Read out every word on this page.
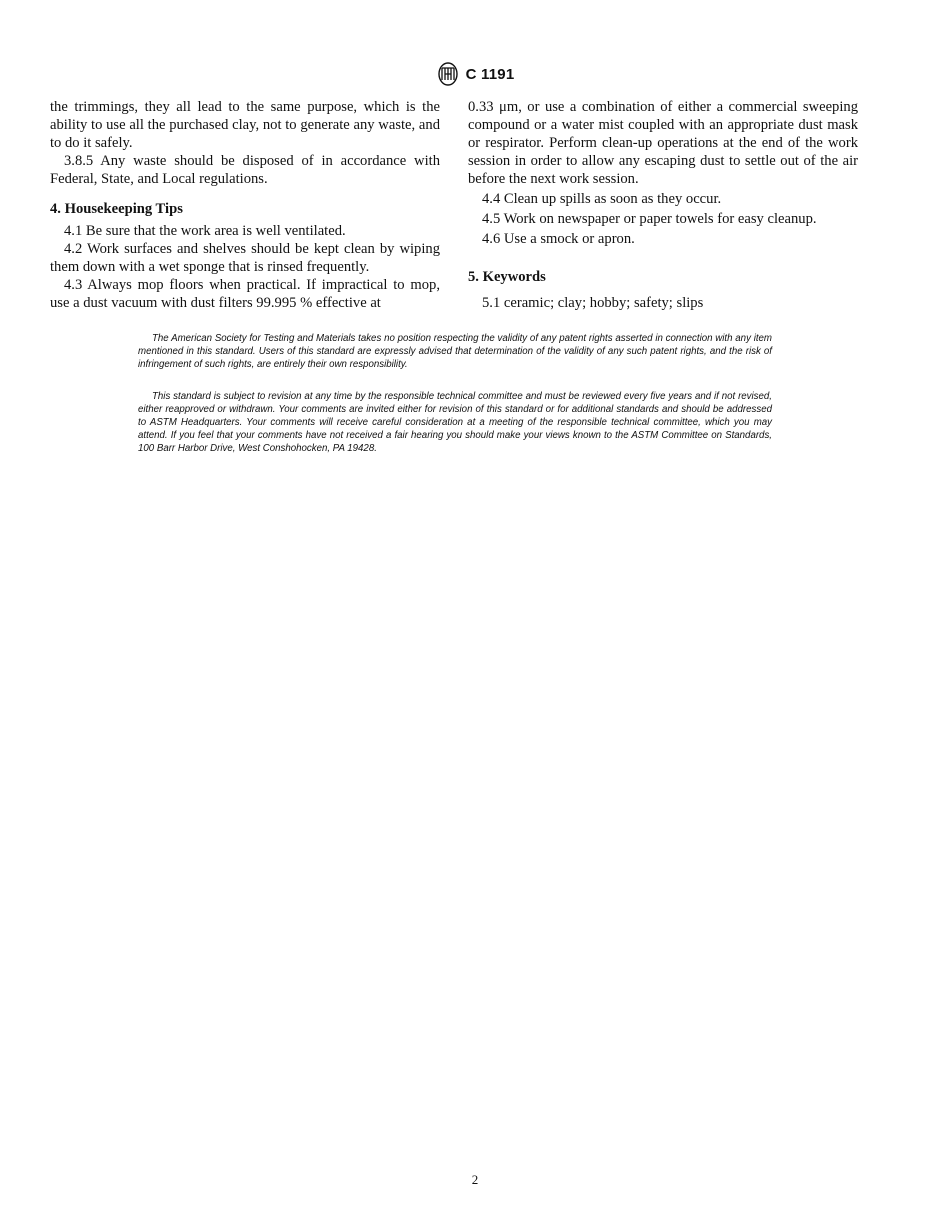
C 1191

the trimmings, they all lead to the same purpose, which is the ability to use all the purchased clay, not to generate any waste, and to do it safely.

3.8.5 Any waste should be disposed of in accordance with Federal, State, and Local regulations.

4. Housekeeping Tips

4.1 Be sure that the work area is well ventilated.

4.2 Work surfaces and shelves should be kept clean by wiping them down with a wet sponge that is rinsed frequently.

4.3 Always mop floors when practical. If impractical to mop, use a dust vacuum with dust filters 99.995 % effective at

0.33 μm, or use a combination of either a commercial sweeping compound or a water mist coupled with an appropriate dust mask or respirator. Perform clean-up operations at the end of the work session in order to allow any escaping dust to settle out of the air before the next work session.

4.4 Clean up spills as soon as they occur.

4.5 Work on newspaper or paper towels for easy cleanup.

4.6 Use a smock or apron.

5. Keywords

5.1 ceramic; clay; hobby; safety; slips

The American Society for Testing and Materials takes no position respecting the validity of any patent rights asserted in connection with any item mentioned in this standard. Users of this standard are expressly advised that determination of the validity of any such patent rights, and the risk of infringement of such rights, are entirely their own responsibility.

This standard is subject to revision at any time by the responsible technical committee and must be reviewed every five years and if not revised, either reapproved or withdrawn. Your comments are invited either for revision of this standard or for additional standards and should be addressed to ASTM Headquarters. Your comments will receive careful consideration at a meeting of the responsible technical committee, which you may attend. If you feel that your comments have not received a fair hearing you should make your views known to the ASTM Committee on Standards, 100 Barr Harbor Drive, West Conshohocken, PA 19428.

2
